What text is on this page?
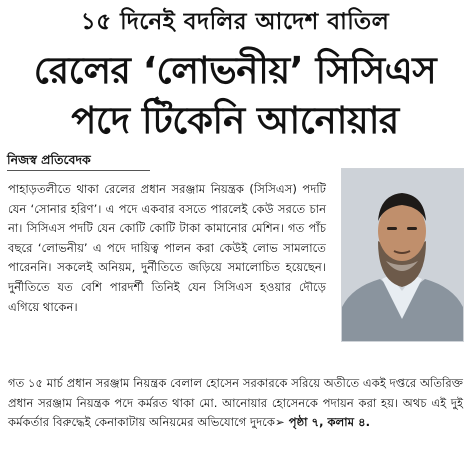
১৫ দিনেই বদলির আদেশ বাতিল
রেলের ‘লোভনীয়’ সিসিএস
পদে টিকেনি আনোয়ার
নিজস্ব প্রতিবেদক

পাহাড়তলীতে থাকা রেলের প্রধান সরঞ্জাম নিয়ন্ত্রক (সিসিএস) পদটি যেন ‘সোনার হরিণ’। এ পদে একবার বসতে পারলেই কেউ সরতে চান না। সিসিএস পদটি যেন কোটি কোটি টাকা কামানোর মেশিন। গত পাঁচ বছরে ‘লোভনীয়’ এ পদে দায়িত্ব পালন করা কেউই লোভ সামলাতে পারেননি। সকলেই অনিয়ম, দুর্নীতিতে জড়িয়ে সমালোচিত হয়েছেন। দুর্নীতিতে যত বেশি পারদর্শী তিনিই যেন সিসিএস হওয়ার দৌড়ে এগিয়ে থাকেন।

গত ১৫ মার্চ প্রধান সরঞ্জাম নিয়ন্ত্রক বেলাল হোসেন সরকারকে সরিয়ে অতীতে একই দপ্তরে অতিরিক্ত প্রধান সরঞ্জাম নিয়ন্ত্রক পদে কর্মরত থাকা মো. আনোয়ার হোসেনকে পদায়ন করা হয়। অথচ এই দুই কর্মকর্তার বিরুদ্ধেই কেনাকাটায় অনিয়মের অভিযোগে দুদকে➢ পৃষ্ঠা ৭, কলাম ৪.
